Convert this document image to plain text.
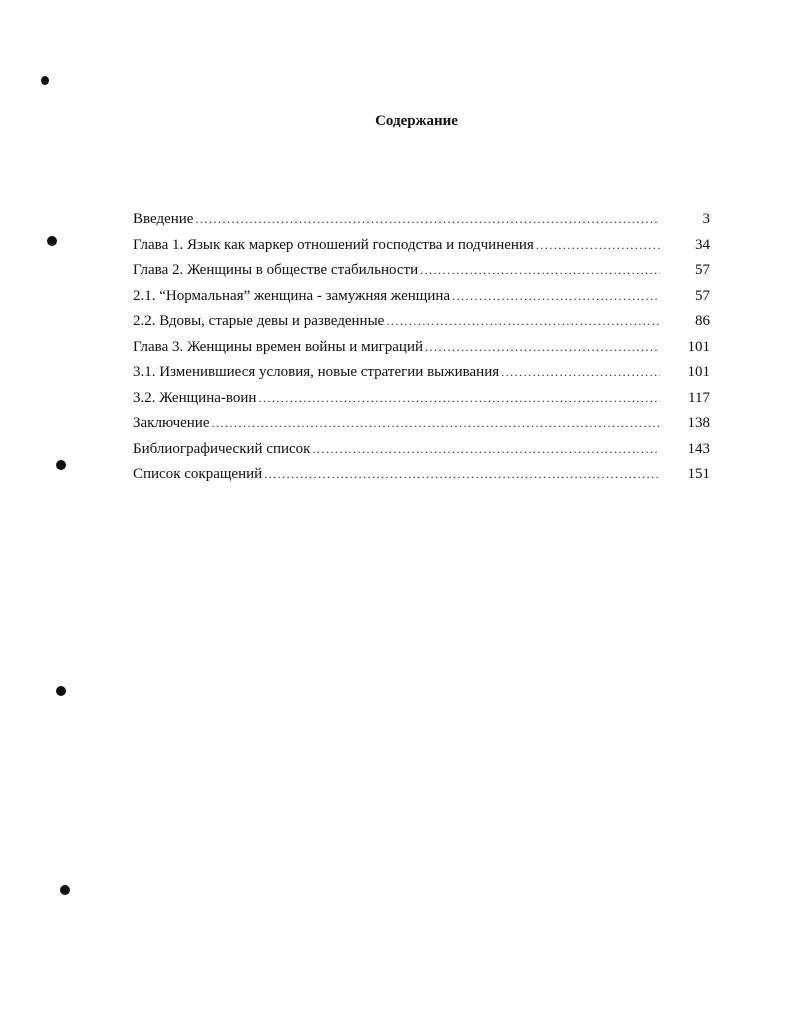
Содержание
Введение .....	3
Глава 1. Язык как маркер отношений господства и подчинения .....	34
Глава 2. Женщины в обществе стабильности .....	57
2.1. “Нормальная” женщина - замужняя женщина .....	57
2.2. Вдовы, старые девы и разведенные .....	86
Глава 3. Женщины времен войны и миграций .....	101
3.1. Изменившиеся условия, новые стратегии выживания .....	101
3.2. Женщина-воин .....	117
Заключение .....	138
Библиографический список .....	143
Список сокращений .....	151
